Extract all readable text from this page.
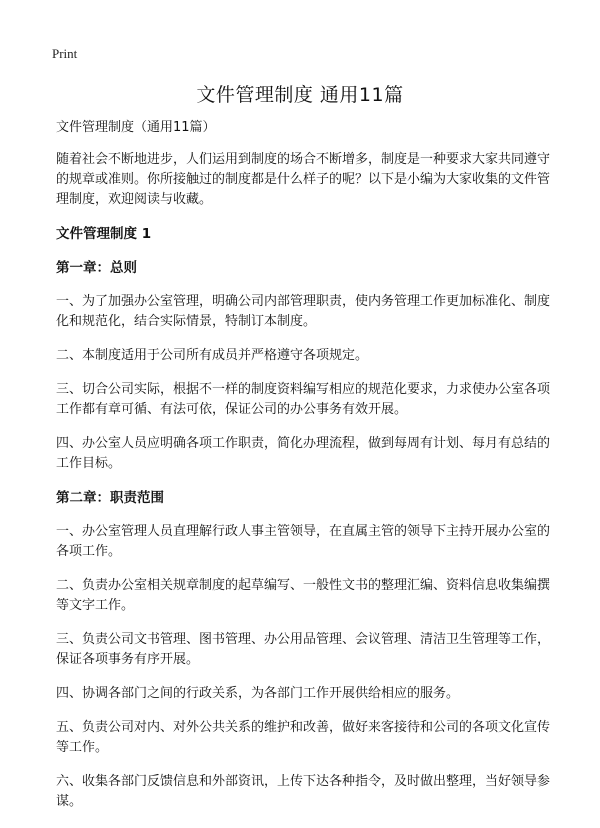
Print
文件管理制度 通用11篇
文件管理制度（通用11篇）

随着社会不断地进步，人们运用到制度的场合不断增多，制度是一种要求大家共同遵守的规章或准则。你所接触过的制度都是什么样子的呢？以下是小编为大家收集的文件管理制度，欢迎阅读与收藏。

文件管理制度 1
第一章：总则

一、为了加强办公室管理，明确公司内部管理职责，使内务管理工作更加标准化、制度化和规范化，结合实际情景，特制订本制度。

二、本制度适用于公司所有成员并严格遵守各项规定。

三、切合公司实际，根据不一样的制度资料编写相应的规范化要求，力求使办公室各项工作都有章可循、有法可依，保证公司的办公事务有效开展。

四、办公室人员应明确各项工作职责，简化办理流程，做到每周有计划、每月有总结的工作目标。

第二章：职责范围

一、办公室管理人员直理解行政人事主管领导，在直属主管的领导下主持开展办公室的各项工作。

二、负责办公室相关规章制度的起草编写、一般性文书的整理汇编、资料信息收集编撰等文字工作。

三、负责公司文书管理、图书管理、办公用品管理、会议管理、清洁卫生管理等工作，保证各项事务有序开展。

四、协调各部门之间的行政关系，为各部门工作开展供给相应的服务。

五、负责公司对内、对外公共关系的维护和改善，做好来客接待和公司的各项文化宣传等工作。

六、收集各部门反馈信息和外部资讯，上传下达各种指令，及时做出整理，当好领导参谋。
